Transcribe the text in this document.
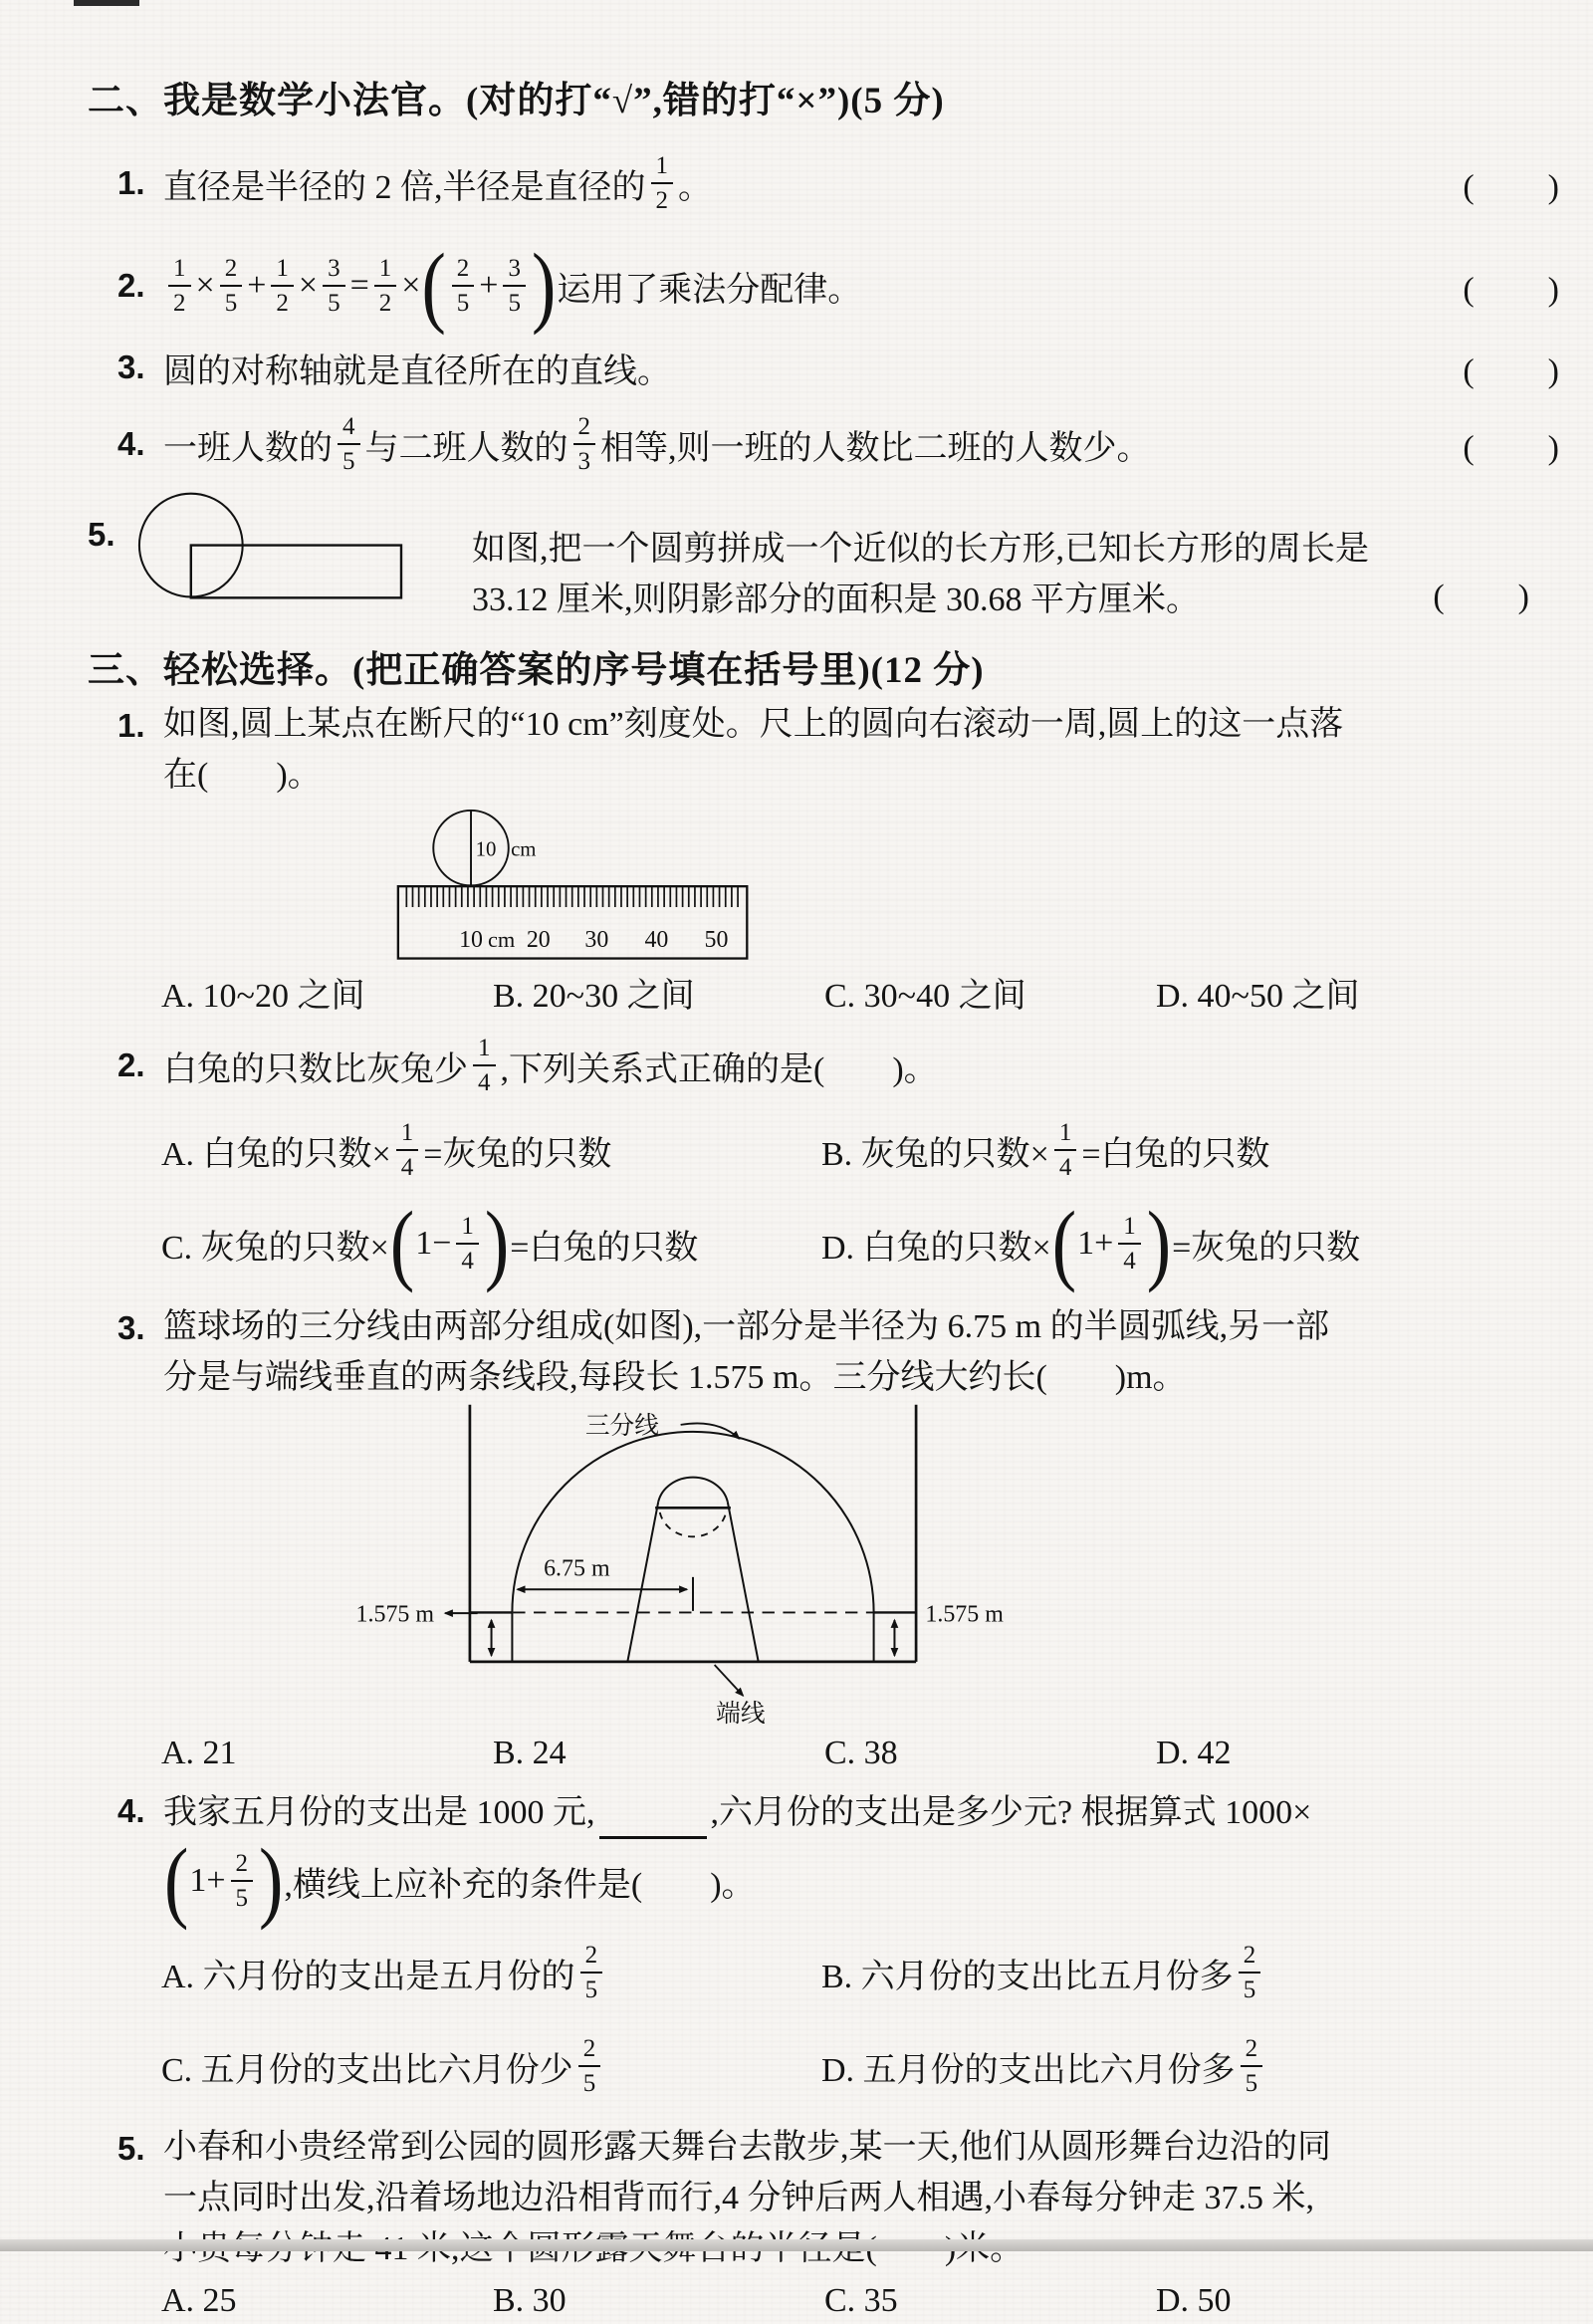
二、我是数学小法官。(对的打“√”,错的打“×”)(5 分)
1. 直径是半径的 2 倍,半径是直径的 $\frac{1}{2}$ 。	(　　)
2. $\frac{1}{2} \times \frac{2}{5} + \frac{1}{2} \times \frac{3}{5} = \frac{1}{2}$ × ( $\frac{2}{5} + \frac{3}{5}$ ) 运用了乘法分配律。	(　　)
3. 圆的对称轴就是直径所在的直线。	(　　)
4. 一班人数的 $\frac{4}{5}$ 与二班人数的 $\frac{2}{3}$ 相等,则一班的人数比二班的人数少。	(　　)
5.	如图,把一个圆剪拼成一个近似的长方形,已知长方形的周长是
33.12 厘米,则阴影部分的面积是 30.68 平方厘米。	(　　)
三、轻松选择。(把正确答案的序号填在括号里)(12 分)
1. 如图,圆上某点在断尺的“10 cm”刻度处。尺上的圆向右滚动一周,圆上的这一点落
在(　　)。
10 cm
10 cm 20 30 40 50
A. 10~20 之间	B. 20~30 之间	C. 30~40 之间	D. 40~50 之间
2. 白兔的只数比灰兔少 $\frac{1}{4}$ ,下列关系式正确的是(　　)。
A. 白兔的只数× $\frac{1}{4}$ =灰兔的只数	B. 灰兔的只数× $\frac{1}{4}$ =白兔的只数
C. 灰兔的只数× ( $1- \frac{1}{4}$ ) =白兔的只数	D. 白兔的只数× ( $1+ \frac{1}{4}$ ) =灰兔的只数
3. 篮球场的三分线由两部分组成(如图),一部分是半径为 6.75 m 的半圆弧线,另一部
分是与端线垂直的两条线段,每段长 1.575 m。三分线大约长(　　)m。
6.75 m
1.575 m	1.575 m
三分线
端线
A. 21	B. 24	C. 38	D. 42
4. 我家五月份的支出是 1000 元,	,六月份的支出是多少元? 根据算式 1000×
( $1+ \frac{2}{5}$ ) ,横线上应补充的条件是(　　)。
A. 六月份的支出是五月份的 $\frac{2}{5}$	B. 六月份的支出比五月份多 $\frac{2}{5}$
C. 五月份的支出比六月份少 $\frac{2}{5}$	D. 五月份的支出比六月份多 $\frac{2}{5}$
5. 小春和小贵经常到公园的圆形露天舞台去散步,某一天,他们从圆形舞台边沿的同
一点同时出发,沿着场地边沿相背而行,4 分钟后两人相遇,小春每分钟走 37.5 米,
小贵每分钟走 41 米,这个圆形露天舞台的半径是(　　)米。
A. 25	B. 30	C. 35	D. 50
